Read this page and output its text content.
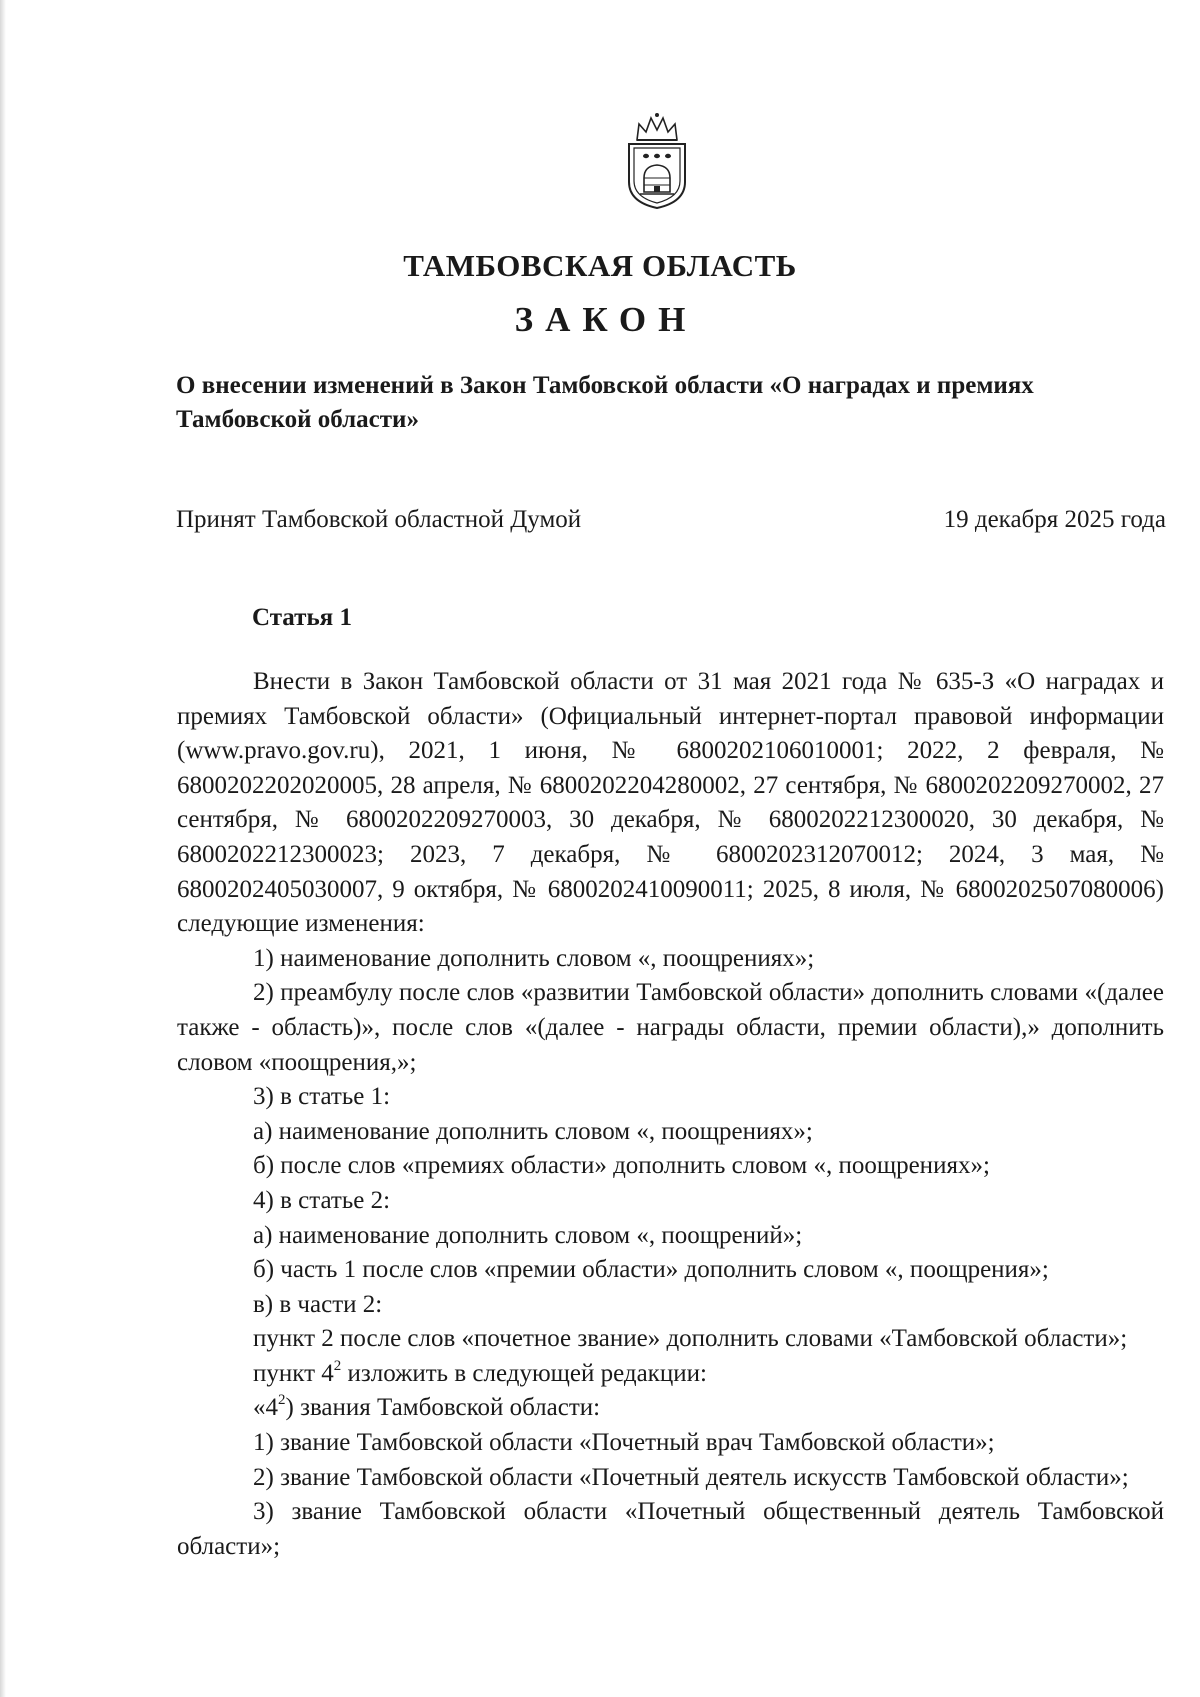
ТАМБОВСКАЯ ОБЛАСТЬ
ЗАКОН

О внесении изменений в Закон Тамбовской области «О наградах и премиях Тамбовской области»

Принят Тамбовской областной Думой	19 декабря 2025 года
Статья 1

Внести в Закон Тамбовской области от 31 мая 2021 года № 635-З «О наградах и премиях Тамбовской области» (Официальный интернет-портал правовой информации (www.pravo.gov.ru), 2021, 1 июня, № 6800202106010001; 2022, 2 февраля, № 6800202202020005, 28 апреля, № 6800202204280002, 27 сентября, № 6800202209270002, 27 сентября, № 6800202209270003, 30 декабря, № 6800202212300020, 30 декабря, № 6800202212300023; 2023, 7 декабря, № 6800202312070012; 2024, 3 мая, № 6800202405030007, 9 октября, № 6800202410090011; 2025, 8 июля, № 6800202507080006) следующие изменения:

1) наименование дополнить словом «, поощрениях»;

2) преамбулу после слов «развитии Тамбовской области» дополнить словами «(далее также - область)», после слов «(далее - награды области, премии области),» дополнить словом «поощрения,»;

3) в статье 1:

а) наименование дополнить словом «, поощрениях»;

б) после слов «премиях области» дополнить словом «, поощрениях»;

4) в статье 2:

а) наименование дополнить словом «, поощрений»;

б) часть 1 после слов «премии области» дополнить словом «, поощрения»;

в) в части 2:

пункт 2 после слов «почетное звание» дополнить словами «Тамбовской области»;

пункт $4^2$ изложить в следующей редакции:

«$4^2$) звания Тамбовской области:

1) звание Тамбовской области «Почетный врач Тамбовской области»;

2) звание Тамбовской области «Почетный деятель искусств Тамбовской области»;

3) звание Тамбовской области «Почетный общественный деятель Тамбовской области»;
